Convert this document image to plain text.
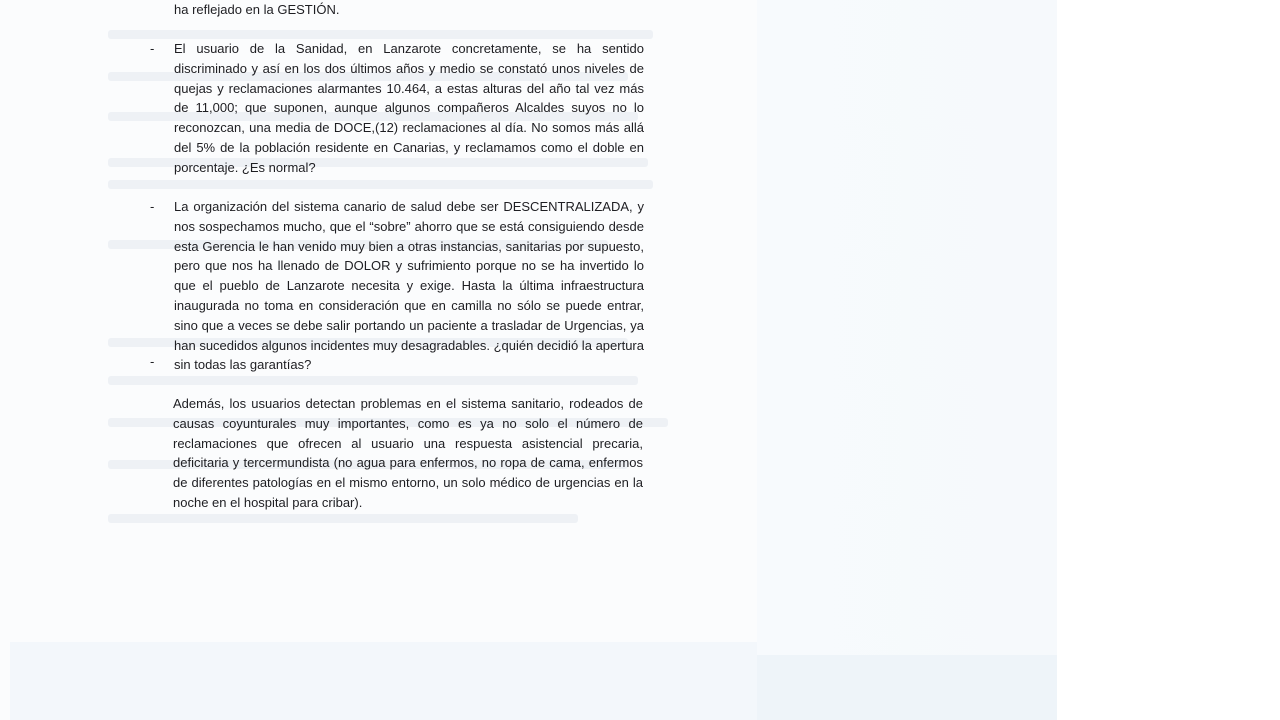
ha reflejado en la GESTIÓN.
- El usuario de la Sanidad, en Lanzarote concretamente, se ha sentido discriminado y así en los dos últimos años y medio se constató unos niveles de quejas y reclamaciones alarmantes 10.464, a estas alturas del año tal vez más de 11,000; que suponen, aunque algunos compañeros Alcaldes suyos no lo reconozcan, una media de DOCE,(12) reclamaciones al día. No somos más allá del 5% de la población residente en Canarias, y reclamamos como el doble en porcentaje. ¿Es normal?
- La organización del sistema canario de salud debe ser DESCENTRALIZADA, y nos sospechamos mucho, que el “sobre” ahorro que se está consiguiendo desde esta Gerencia le han venido muy bien a otras instancias, sanitarias por supuesto, pero que nos ha llenado de DOLOR y sufrimiento porque no se ha invertido lo que el pueblo de Lanzarote necesita y exige. Hasta la última infraestructura inaugurada no toma en consideración que en camilla no sólo se puede entrar, sino que a veces se debe salir portando un paciente a trasladar de Urgencias, ya han sucedidos algunos incidentes muy desagradables. ¿quién decidió la apertura sin todas las garantías?
-
Además, los usuarios detectan problemas en el sistema sanitario, rodeados de causas coyunturales muy importantes, como es ya no solo el número de reclamaciones que ofrecen al usuario una respuesta asistencial precaria, deficitaria y tercermundista (no agua para enfermos, no ropa de cama, enfermos de diferentes patologías en el mismo entorno, un solo médico de urgencias en la noche en el hospital para cribar).
